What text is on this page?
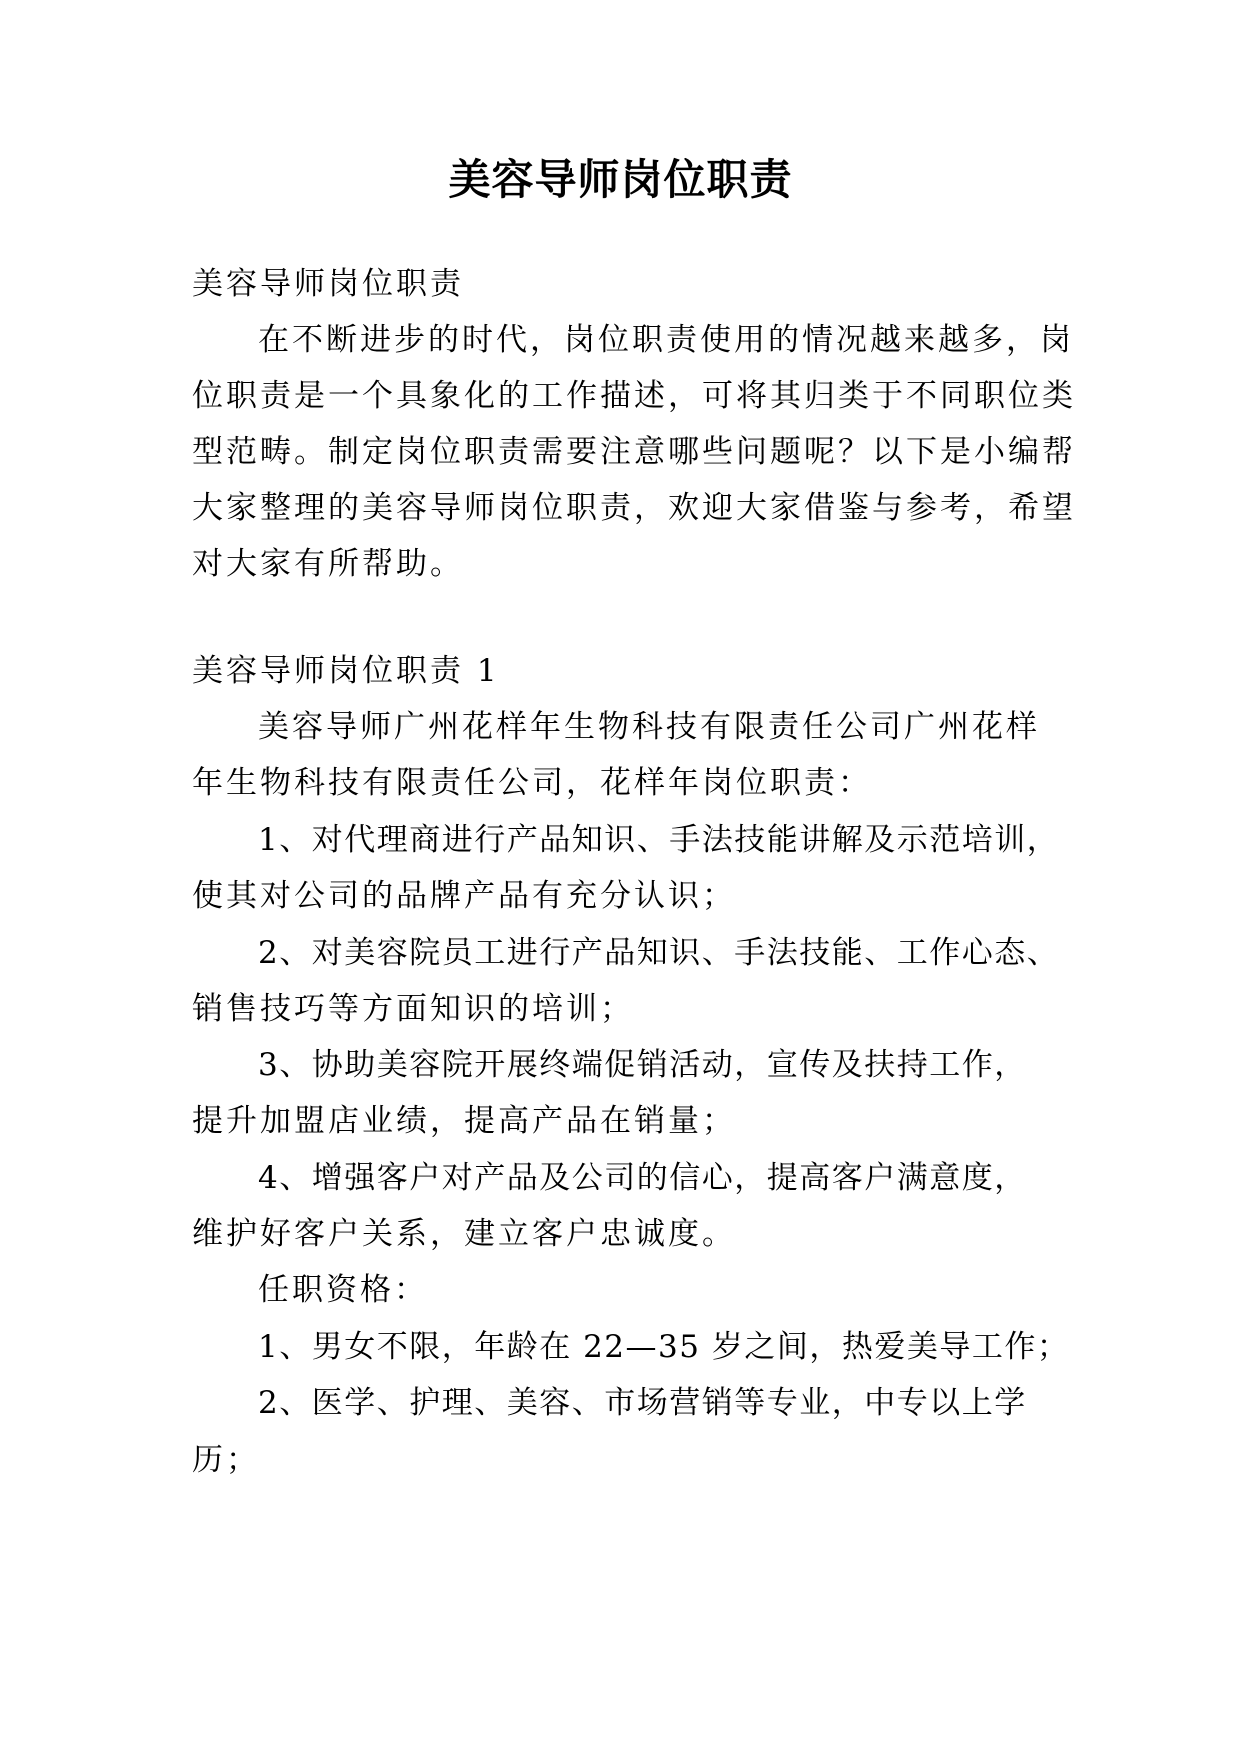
美容导师岗位职责

美容导师岗位职责

在不断进步的时代，岗位职责使用的情况越来越多，岗

位职责是一个具象化的工作描述，可将其归类于不同职位类

型范畴。制定岗位职责需要注意哪些问题呢？以下是小编帮

大家整理的美容导师岗位职责，欢迎大家借鉴与参考，希望

对大家有所帮助。

美容导师岗位职责 1

美容导师广州花样年生物科技有限责任公司广州花样

年生物科技有限责任公司，花样年岗位职责：

1、对代理商进行产品知识、手法技能讲解及示范培训，

使其对公司的品牌产品有充分认识；

2、对美容院员工进行产品知识、手法技能、工作心态、

销售技巧等方面知识的培训；

3、协助美容院开展终端促销活动，宣传及扶持工作，

提升加盟店业绩，提高产品在销量；

4、增强客户对产品及公司的信心，提高客户满意度，

维护好客户关系，建立客户忠诚度。

任职资格：

1、男女不限，年龄在 22—35 岁之间，热爱美导工作；

2、医学、护理、美容、市场营销等专业，中专以上学

历；
